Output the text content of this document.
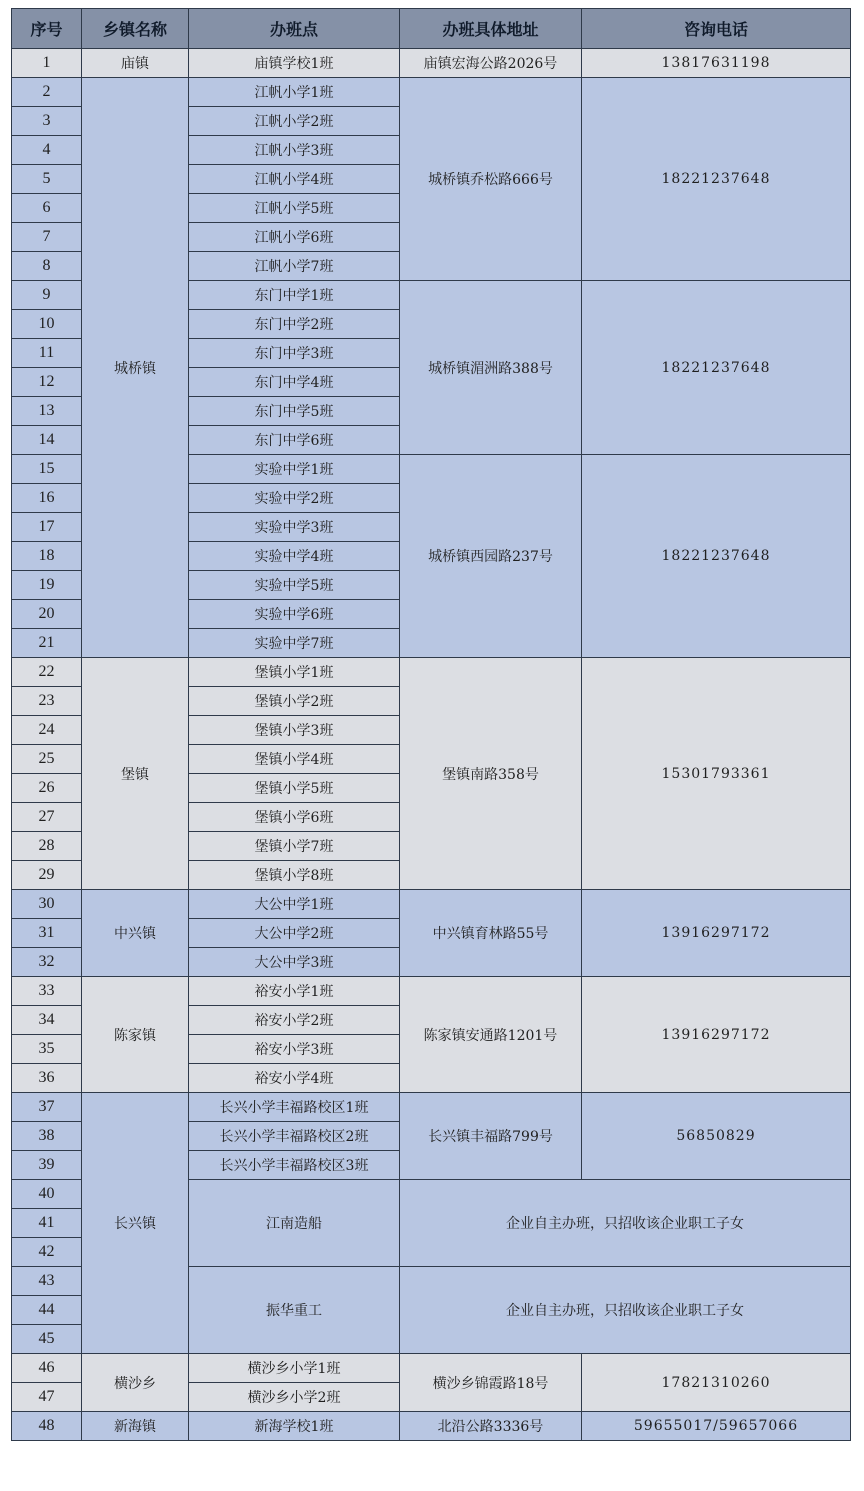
序号	乡镇名称	办班点	办班具体地址	咨询电话
1	庙镇	庙镇学校1班	庙镇宏海公路2026号	13817631198
2	城桥镇	江帆小学1班	城桥镇乔松路666号	18221237648
3		江帆小学2班		
4		江帆小学3班		
5		江帆小学4班		
6		江帆小学5班		
7		江帆小学6班		
8		江帆小学7班		
9		东门中学1班	城桥镇湄洲路388号	18221237648
10		东门中学2班		
11		东门中学3班		
12		东门中学4班		
13		东门中学5班		
14		东门中学6班		
15		实验中学1班	城桥镇西园路237号	18221237648
16		实验中学2班		
17		实验中学3班		
18		实验中学4班		
19		实验中学5班		
20		实验中学6班		
21		实验中学7班		
22	堡镇	堡镇小学1班	堡镇南路358号	15301793361
23		堡镇小学2班		
24		堡镇小学3班		
25		堡镇小学4班		
26		堡镇小学5班		
27		堡镇小学6班		
28		堡镇小学7班		
29		堡镇小学8班		
30	中兴镇	大公中学1班	中兴镇育林路55号	13916297172
31		大公中学2班		
32		大公中学3班		
33	陈家镇	裕安小学1班	陈家镇安通路1201号	13916297172
34		裕安小学2班		
35		裕安小学3班		
36		裕安小学4班		
37	长兴镇	长兴小学丰福路校区1班	长兴镇丰福路799号	56850829
38		长兴小学丰福路校区2班		
39		长兴小学丰福路校区3班		
40		江南造船	企业自主办班，只招收该企业职工子女	
41				
42				
43		振华重工	企业自主办班，只招收该企业职工子女	
44				
45				
46	横沙乡	横沙乡小学1班	横沙乡锦霞路18号	17821310260
47		横沙乡小学2班		
48	新海镇	新海学校1班	北沿公路3336号	59655017/59657066
